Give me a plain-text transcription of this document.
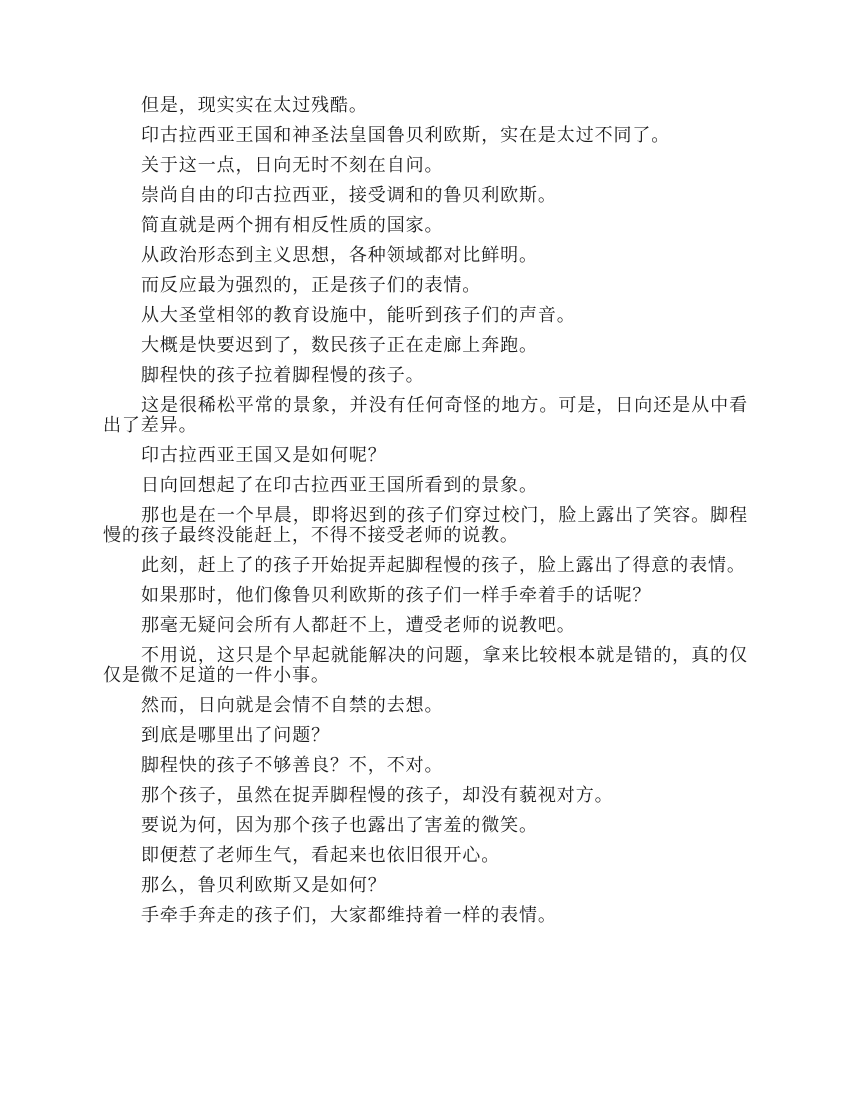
但是，现实实在太过残酷。

印古拉西亚王国和神圣法皇国鲁贝利欧斯，实在是太过不同了。

关于这一点，日向无时不刻在自问。

崇尚自由的印古拉西亚，接受调和的鲁贝利欧斯。

简直就是两个拥有相反性质的国家。

从政治形态到主义思想，各种领域都对比鲜明。

而反应最为强烈的，正是孩子们的表情。

从大圣堂相邻的教育设施中，能听到孩子们的声音。

大概是快要迟到了，数民孩子正在走廊上奔跑。

脚程快的孩子拉着脚程慢的孩子。

这是很稀松平常的景象，并没有任何奇怪的地方。可是，日向还是从中看出了差异。

印古拉西亚王国又是如何呢？

日向回想起了在印古拉西亚王国所看到的景象。

那也是在一个早晨，即将迟到的孩子们穿过校门，脸上露出了笑容。脚程慢的孩子最终没能赶上，不得不接受老师的说教。

此刻，赶上了的孩子开始捉弄起脚程慢的孩子，脸上露出了得意的表情。

如果那时，他们像鲁贝利欧斯的孩子们一样手牵着手的话呢？

那毫无疑问会所有人都赶不上，遭受老师的说教吧。

不用说，这只是个早起就能解决的问题，拿来比较根本就是错的，真的仅仅是微不足道的一件小事。

然而，日向就是会情不自禁的去想。

到底是哪里出了问题？

脚程快的孩子不够善良？不，不对。

那个孩子，虽然在捉弄脚程慢的孩子，却没有藐视对方。

要说为何，因为那个孩子也露出了害羞的微笑。

即便惹了老师生气，看起来也依旧很开心。

那么，鲁贝利欧斯又是如何？

手牵手奔走的孩子们，大家都维持着一样的表情。
